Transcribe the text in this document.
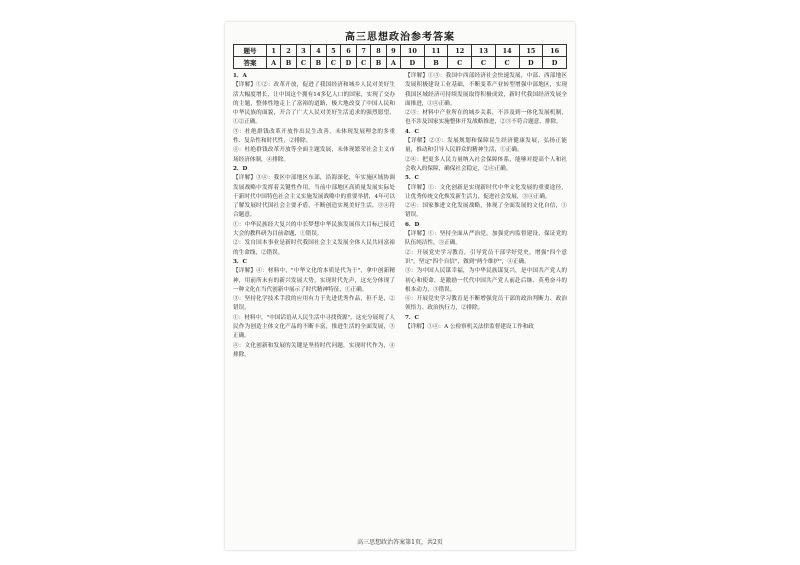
高三思想政治参考答案
题号	1	2	3	4	5	6	7	8	9	10	11	12	13	14	15	16
答案	A	B	C	B	C	D	C	B	A	D	B	C	C	C	D	D

1．A

【详解】①②：改革开放，促进了我国经济和城乡人民对美好生活大幅度增长，让中国这个拥有14多亿人口的国家，实现了交办的主题，整体性地走上了富裕的道路，极大地改变了中国人民和中华民族的面貌，开合了广大人民对美好生活追求的强烈愿望，①②正确。

③：杜绝群钱改革开放作出民生改善，未体现发展理念的多重性、复杂性和时代性，②排除。

④：杜绝群钱改革开放等全面主题发展，未体现繁荣社会主义市场经济体制，④排除。

2．D

【详解】③④：我区中部地区东部，沿海深化，年实施区域协调发展战略中发挥着关键性作用。当前中部地区高质量发展实际处于新时代中国特色社会主义实施发展战略中的重要举措，4年可以了解发展时代国社会主要矛盾，不断创造实现美好生活，③④符合题意。

①：中华民族经大复兴的中长梦想中华民族发展伟大目标已接近大会的教科研为目前命题，①错误。

②：发自国本事业是新时代我国社会主义发展全体人民共同富裕的生命线，②错误。

3．C

【详解】④：材料中，"中华文化的本质是代为于"，拿中创新精神，用前所未有的新兴发展大势，实现时代先声，这充分体现了一种文化在当代创新中展示了时代精神特征，①正确。

③：坚持化学技术手段的应用有力于先进优秀作品，但不是，②错误。

①：材料中，"中国话语从人民生活中寻找资源"，这充分展现了人民作为创造主体文化产品的不断丰富，推进生活的全面发展，③正确。

④：文化创新和发展的关键是坚持时代问题，实现时代作为，④排除。

【详解】①③：我国中西部经济社会快速发展，中部、西部地区发展积极建设工业基础，不断变革产业转型增强中部地区，实现我国区域经济可持续发展取得积极成效，新时代我国经济发展全面推进，①④正确。

②③：材料中产业所在的城乡关系，不涉及到一体化发展机制，也不涉及国家实施整体开发战略推进，②③不符合题意，排除。

4．C

【详解】②③：发展规划和保障民生经济健康发展，弘扬正能量，推动和引导人民群众的精神生活，①正确。

②④：把更多人民力量纳入社会保障体系，能够对提高个人和社会收入的保障，确保社会稳定，②④正确。

5．C

【详解】①：文化创新是实现新时代中华文化发展的重要途径，让优秀传统文化焕发新生活力，促进社会发展，③④正确。

②④：国家推进文化发展战略，体现了全面发展的文化自信，①错误。

6．D

【详解】①：坚持全面从严治党，加强党内监督建设，保证党的队伍纯洁性，③正确。

②：开展党史学习教育，引导党员干部学好党史，增强"四个意识"，坚定"四个自信"，做到"两个维护"，④正确。

③：为中国人民谋幸福，为中华民族谋复兴，是中国共产党人的初心和使命，是激励一代代中国共产党人前赴后继、英勇奋斗的根本动力，③错误。

④：开展党史学习教育是不断增强党员干部的政治判断力、政治领悟力、政治执行力，②排除。

7．C

【详解】①④：A 公检察机关法律监督建设工作和政

高三思想政治答案第1页，共2页
